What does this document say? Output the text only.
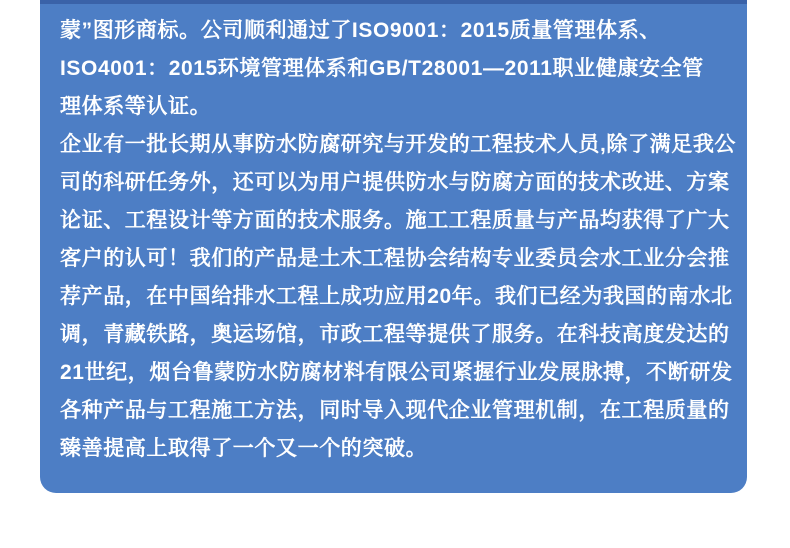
蒙”图形商标。公司顺利通过了ISO9001：2015质量管理体系、
ISO4001：2015环境管理体系和GB/T28001—2011职业健康安全管
理体系等认证。

企业有一批长期从事防水防腐研究与开发的工程技术人员,除了满足我公
司的科研任务外，还可以为用户提供防水与防腐方面的技术改进、方案
论证、工程设计等方面的技术服务。施工工程质量与产品均获得了广大
客户的认可！我们的产品是土木工程协会结构专业委员会水工业分会推
荐产品，在中国给排水工程上成功应用20年。我们已经为我国的南水北
调，青藏铁路，奥运场馆，市政工程等提供了服务。在科技高度发达的
21世纪，烟台鲁蒙防水防腐材料有限公司紧握行业发展脉搏，不断研发
各种产品与工程施工方法，同时导入现代企业管理机制，在工程质量的
臻善提高上取得了一个又一个的突破。
